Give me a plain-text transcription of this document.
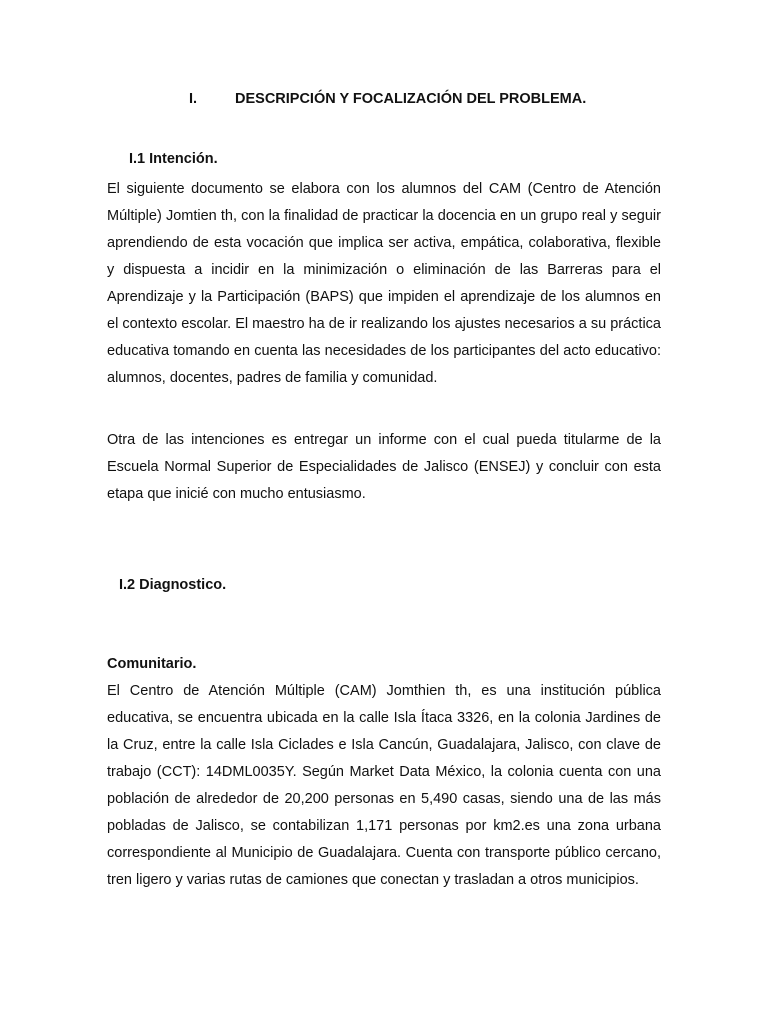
I.	DESCRIPCIÓN Y FOCALIZACIÓN DEL PROBLEMA.
I.1 Intención.

El siguiente documento se elabora con los alumnos del CAM (Centro de Atención Múltiple) Jomtien th, con la finalidad de practicar la docencia en un grupo real y seguir aprendiendo de esta vocación que implica ser activa, empática, colaborativa, flexible y dispuesta a incidir en la minimización o eliminación de las Barreras para el Aprendizaje y la Participación (BAPS) que impiden el aprendizaje de los alumnos en el contexto escolar. El maestro ha de ir realizando los ajustes necesarios a su práctica educativa tomando en cuenta las necesidades de los participantes del acto educativo: alumnos, docentes, padres de familia y comunidad.

Otra de las intenciones es entregar un informe con el cual pueda titularme de la Escuela Normal Superior de Especialidades de Jalisco (ENSEJ) y concluir con esta etapa que inicié con mucho entusiasmo.

I.2 Diagnostico.
Comunitario.

El Centro de Atención Múltiple (CAM) Jomthien th, es una institución pública educativa, se encuentra ubicada en la calle Isla Ítaca 3326, en la colonia Jardines de la Cruz, entre la calle Isla Ciclades e Isla Cancún, Guadalajara, Jalisco, con clave de trabajo (CCT): 14DML0035Y. Según Market Data México, la colonia cuenta con una población de alrededor de 20,200 personas en 5,490 casas, siendo una de las más pobladas de Jalisco, se contabilizan 1,171 personas por km2.es una zona urbana correspondiente al Municipio de Guadalajara. Cuenta con transporte público cercano, tren ligero y varias rutas de camiones que conectan y trasladan a otros municipios.
